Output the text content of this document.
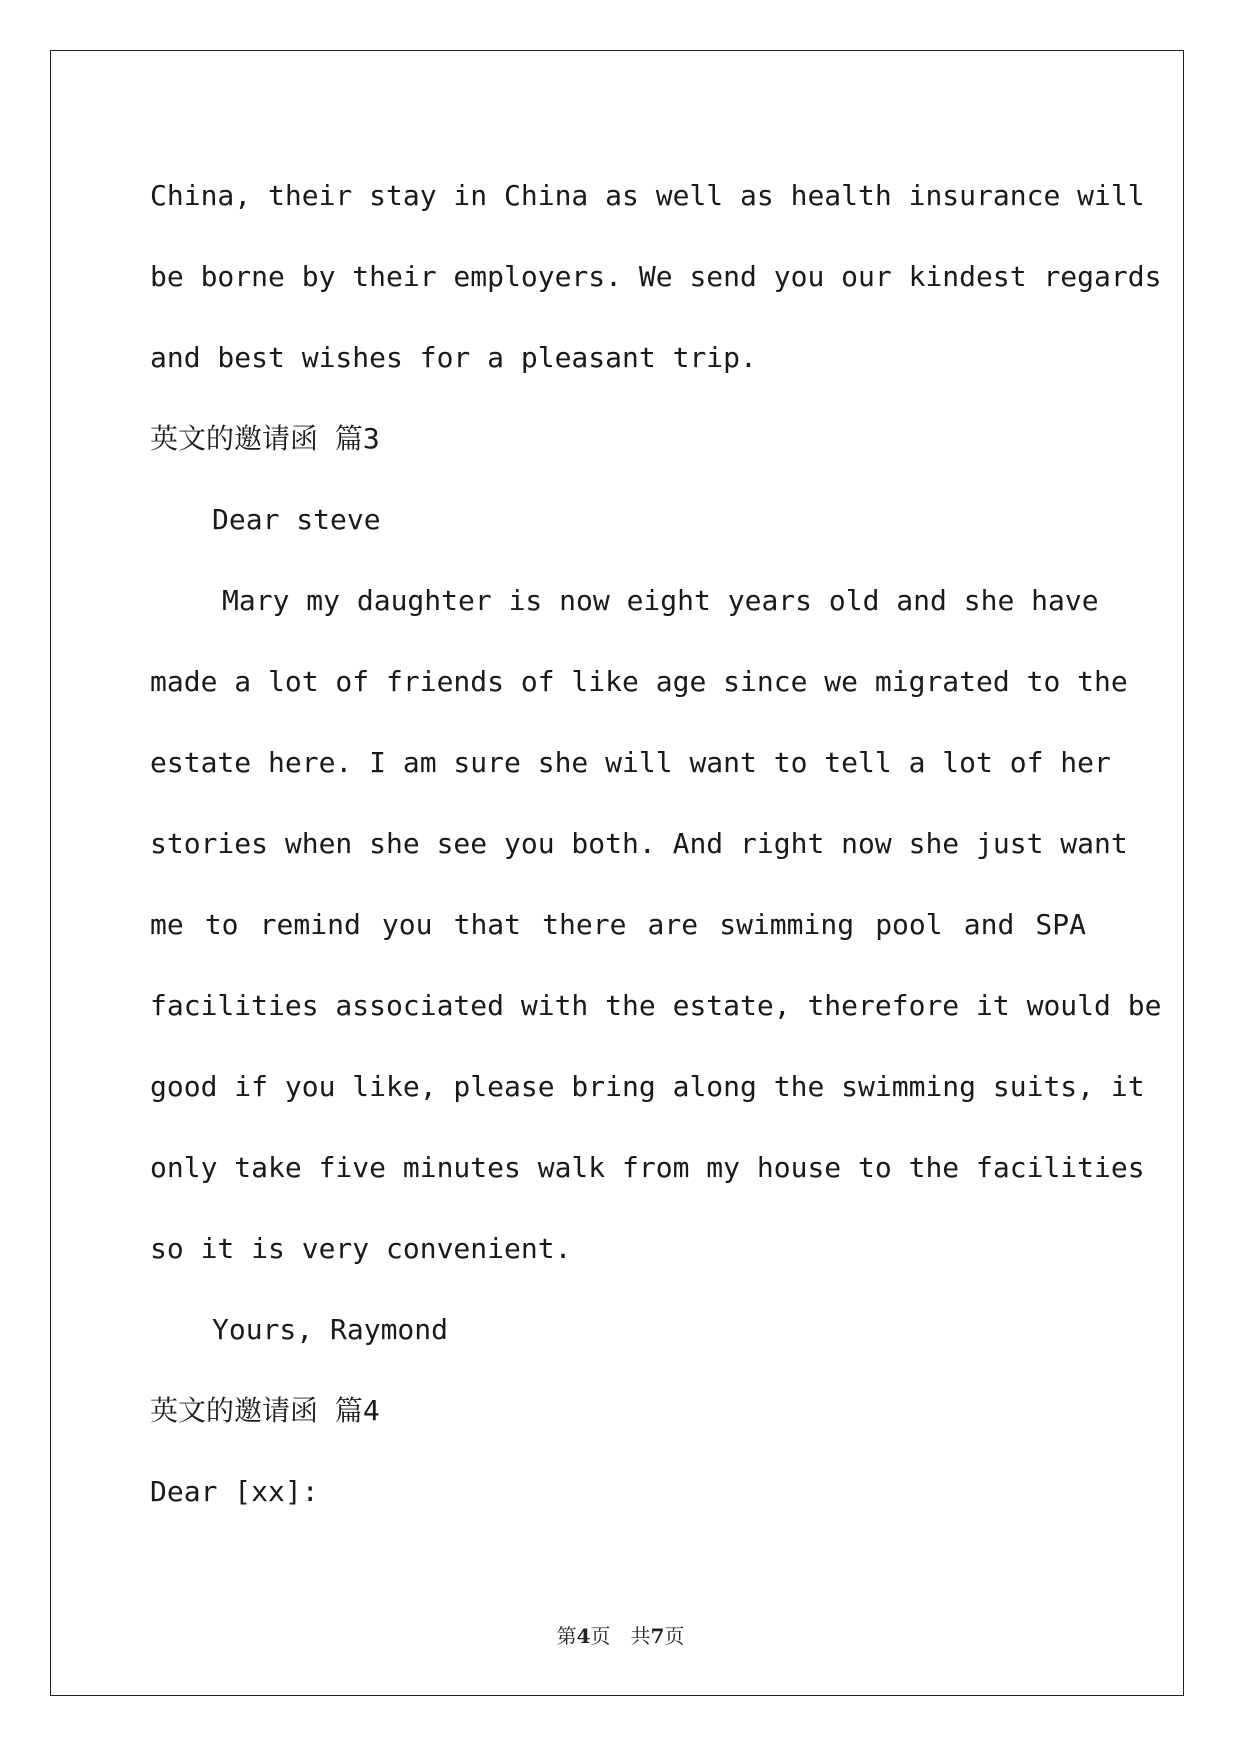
China, their stay in China as well as health insurance will
be borne by their employers. We send you our kindest regards
and best wishes for a pleasant trip.
英文的邀请函 篇3
Dear steve
Mary my daughter is now eight years old and she have
made a lot of friends of like age since we migrated to the
estate here. I am sure she will want to tell a lot of her
stories when she see you both. And right now she just want
me to remind you that there are swimming pool and SPA
facilities associated with the estate, therefore it would be
good if you like, please bring along the swimming suits, it
only take five minutes walk from my house to the facilities
so it is very convenient.
Yours, Raymond
英文的邀请函 篇4
Dear [xx]:
第4页　共7页
